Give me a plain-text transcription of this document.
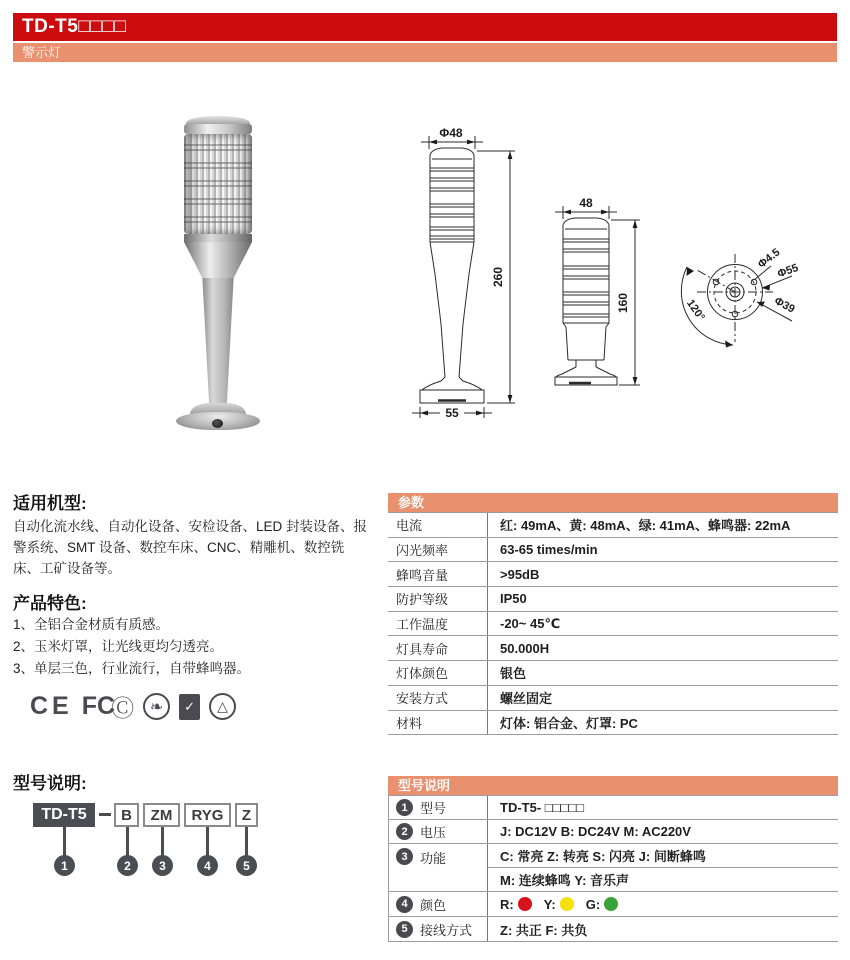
TD-T5□□□□
警示灯
Φ48
260
55
48
160
Φ4.5
Φ55
Φ39
120°
适用机型:
自动化流水线、自动化设备、安检设备、LED 封装设备、报警系统、SMT 设备、数控车床、CNC、精雕机、数控铣床、工矿设备等。
产品特色:
1、全铝合金材质有质感。
2、玉米灯罩，让光线更均匀透亮。
3、单层三色，行业流行，自带蜂鸣器。
CE FC
Ⓒ ❧ ✓ △
参数
电流	红: 49mA、黄: 48mA、绿: 41mA、蜂鸣器: 22mA
闪光频率	63-65 times/min
蜂鸣音量	>95dB
防护等级	IP50
工作温度	-20~ 45℃
灯具寿命	50.000H
灯体颜色	银色
安装方式	螺丝固定
材料	灯体: 铝合金、灯罩: PC
型号说明:
TD-T5	B	ZM	RYG	Z
1	2	3	4	5
型号说明
1 型号	TD-T5- □□□□□
2 电压	J: DC12V B: DC24V M: AC220V
3 功能	C: 常亮 Z: 转亮 S: 闪亮 J: 间断蜂鸣
M: 连续蜂鸣 Y: 音乐声
4 颜色	R: Y: G:
5 接线方式	Z: 共正 F: 共负
